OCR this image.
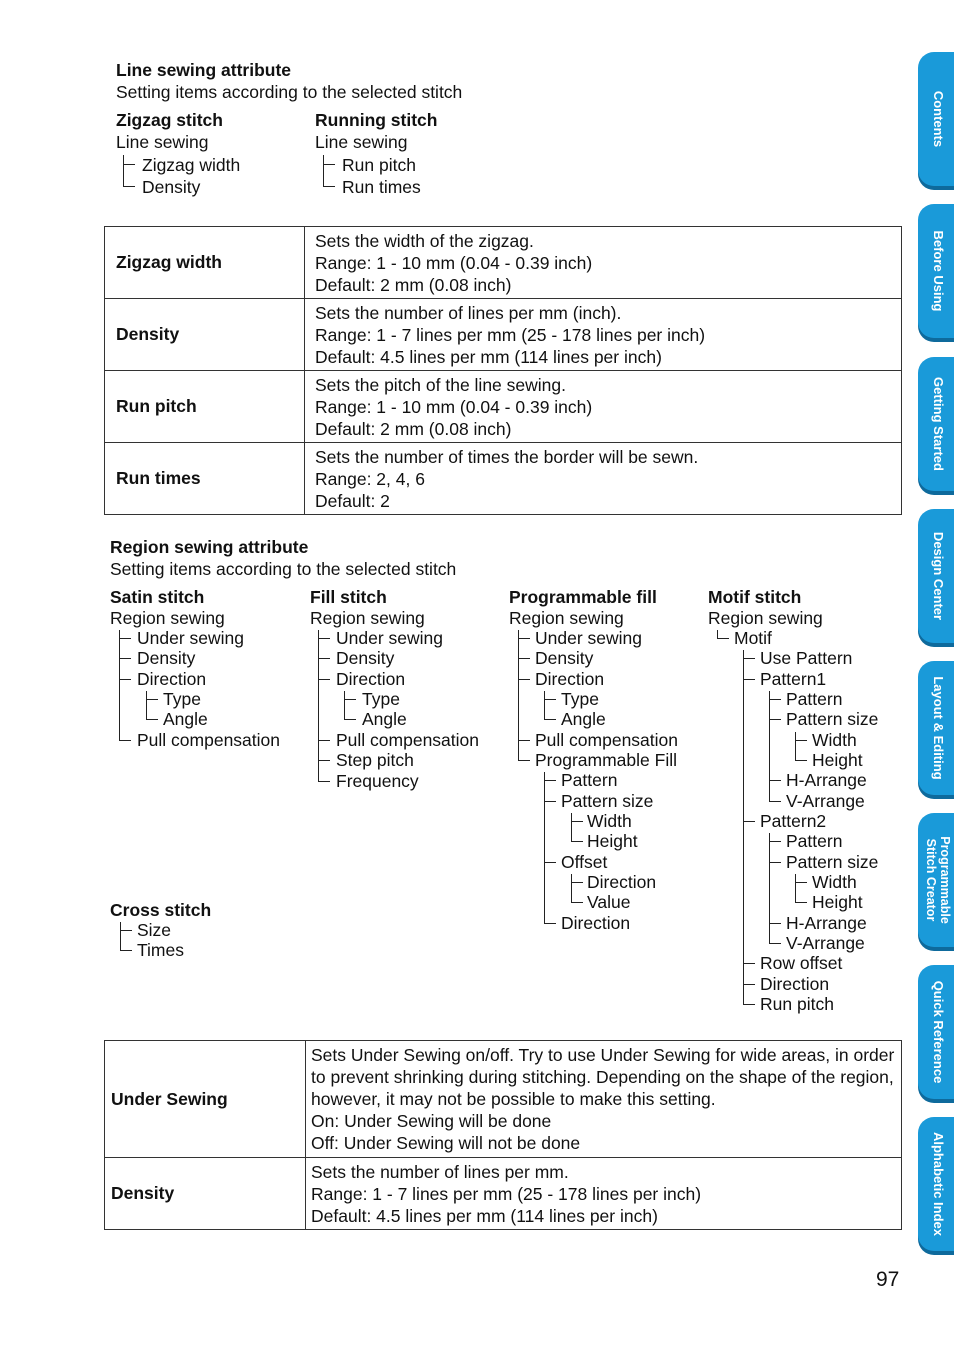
Line sewing attribute
Setting items according to the selected stitch
Zigzag stitch
Line sewing
Zigzag width
Density
Running stitch
Line sewing
Run pitch
Run times
Zigzag width	Sets the width of the zigzag.
Range: 1 - 10 mm (0.04 - 0.39 inch)
Default: 2 mm (0.08 inch)

Density	Sets the number of lines per mm (inch).
Range: 1 - 7 lines per mm (25 - 178 lines per inch)
Default: 4.5 lines per mm (114 lines per inch)

Run pitch	Sets the pitch of the line sewing.
Range: 1 - 10 mm (0.04 - 0.39 inch)
Default: 2 mm (0.08 inch)

Run times	Sets the number of times the border will be sewn.
Range: 2, 4, 6
Default: 2
Region sewing attribute
Setting items according to the selected stitch
Satin stitch
Region sewing
Under sewing
Density
Direction
Type
Angle
Pull compensation
Fill stitch
Region sewing
Under sewing
Density
Direction
Type
Angle
Pull compensation
Step pitch
Frequency
Programmable fill
Region sewing
Under sewing
Density
Direction
Type
Angle
Pull compensation
Programmable Fill
Pattern
Pattern size
Width
Height
Offset
Direction
Value
Direction
Motif stitch
Region sewing
Motif
Use Pattern
Pattern1
Pattern
Pattern size
Width
Height
H-Arrange
V-Arrange
Pattern2
Pattern
Pattern size
Width
Height
H-Arrange
V-Arrange
Row offset
Direction
Run pitch
Cross stitch
Size
Times
Under Sewing	Sets Under Sewing on/off. Try to use Under Sewing for wide areas, in order
to prevent shrinking during stitching. Depending on the shape of the region,
however, it may not be possible to make this setting.
On: Under Sewing will be done
Off: Under Sewing will not be done

Density	Sets the number of lines per mm.
Range: 1 - 7 lines per mm (25 - 178 lines per inch)
Default: 4.5 lines per mm (114 lines per inch)
Contents
Before Using
Getting Started
Design Center
Layout & Editing
Programmable Stitch Creator
Quick Reference
Alphabetic Index
97
